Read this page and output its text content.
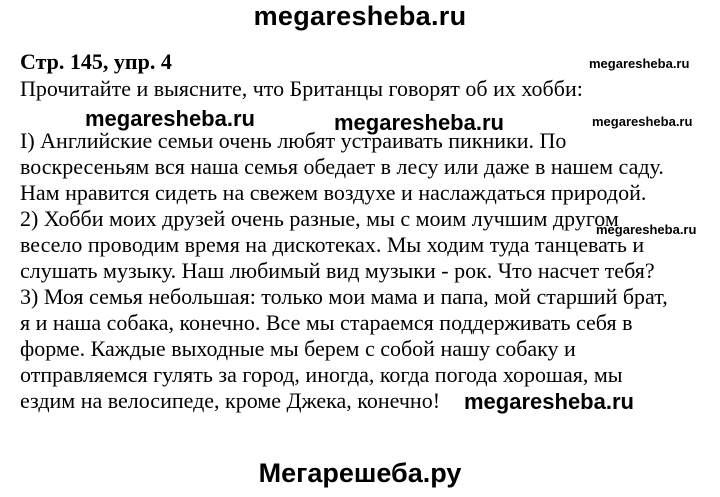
megaresheba.ru
Стр. 145, упр. 4	megaresheba.ru
megaresheba.ru
megaresheba.ru
Прочитайте и выясните, что Британцы говорят об их хобби:
I) Английские семьи очень любят устраивать пикники. По
воскресеньям вся наша семья обедает в лесу или даже в нашем саду.
Нам нравится сидеть на свежем воздухе и наслаждаться природой.
2) Хобби моих друзей очень разные, мы с моим лучшим другом
весело проводим время на дискотеках. Мы ходим туда танцевать и
слушать музыку. Наш любимый вид музыки - рок. Что насчет тебя?
3) Моя семья небольшая: только мои мама и папа, мой старший брат,
я и наша собака, конечно. Все мы стараемся поддерживать себя в
форме. Каждые выходные мы берем с собой нашу собаку и
отправляемся гулять за город, иногда, когда погода хорошая, мы
ездим на велосипеде, кроме Джека, конечно!
megaresheba.ru	megaresheba.ru
megaresheba.ru
Мегарешеба.ру
